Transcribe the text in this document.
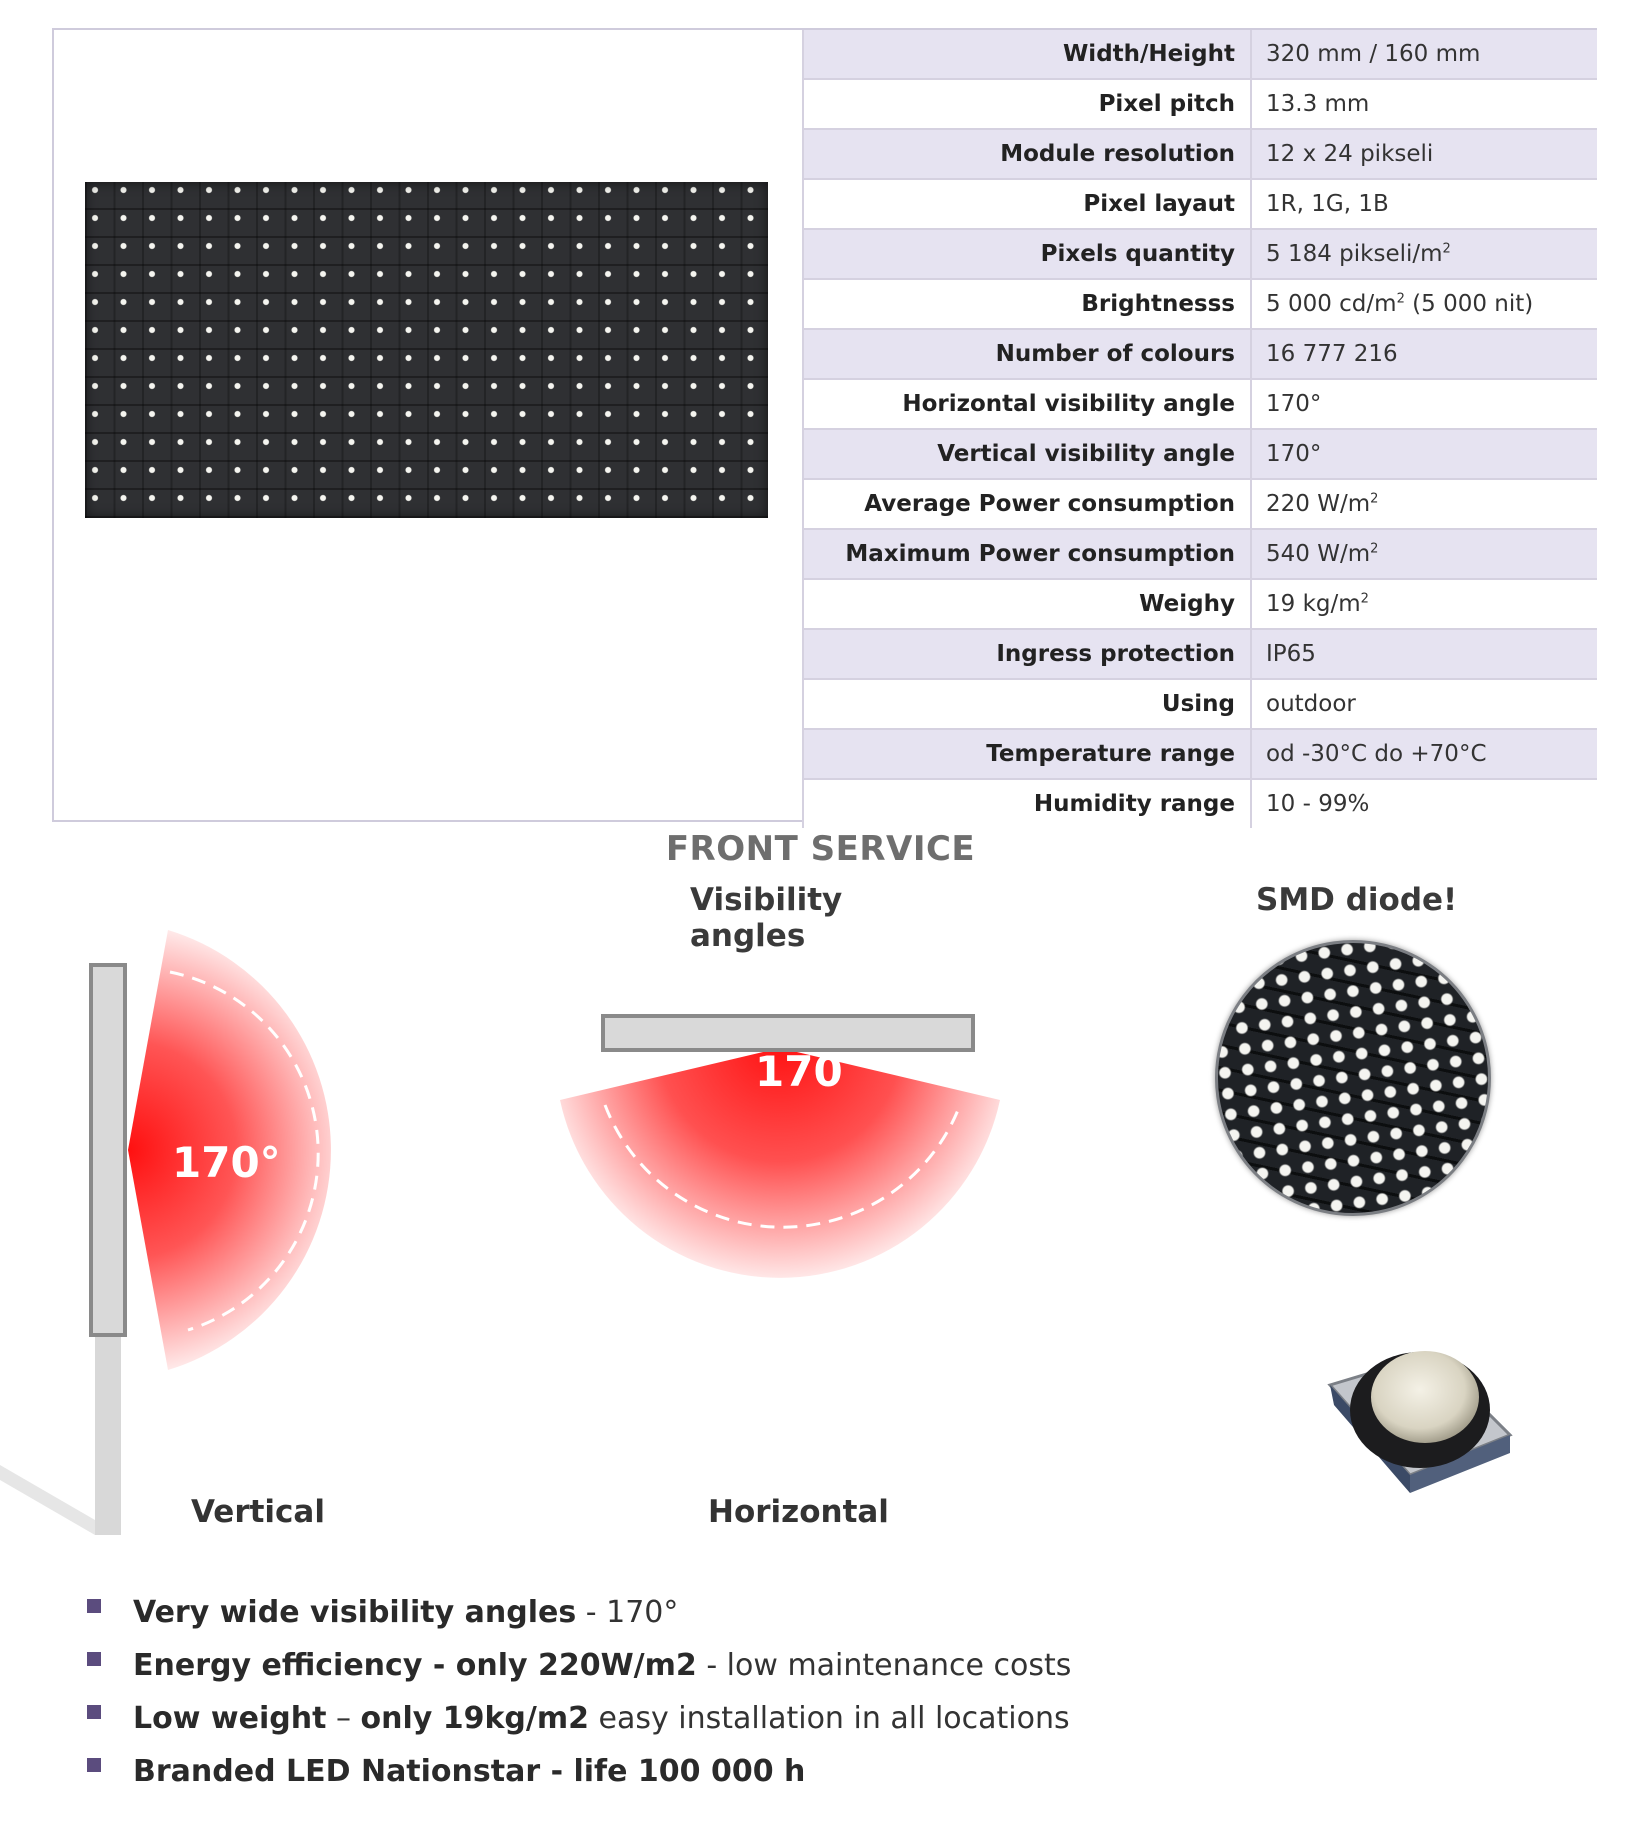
Width/Height	320 mm / 160 mm
Pixel pitch	13.3 mm
Module resolution	12 x 24 pikseli
Pixel layaut	1R, 1G, 1B
Pixels quantity	5 184 pikseli/$m^2$
Brightnesss	5 000 $cd/m^2$ (5 000 nit)
Number of colours	16 777 216
Horizontal visibility angle	170°
Vertical visibility angle	170°
Average Power consumption	220 $W/m^2$
Maximum Power consumption	540 $W/m^2$
Weighy	19 $kg/m^2$
Ingress protection	IP65
Using	outdoor
Temperature range	od -30°C do +70°C
Humidity range	10 - 99%
FRONT SERVICE
Visibility angles
SMD diode!
170°
Vertical
170
Horizontal
Very wide visibility angles - 170°
Energy efficiency - only 220W/m2 - low maintenance costs
Low weight – only 19kg/m2 easy installation in all locations
Branded LED Nationstar - life 100 000 h
